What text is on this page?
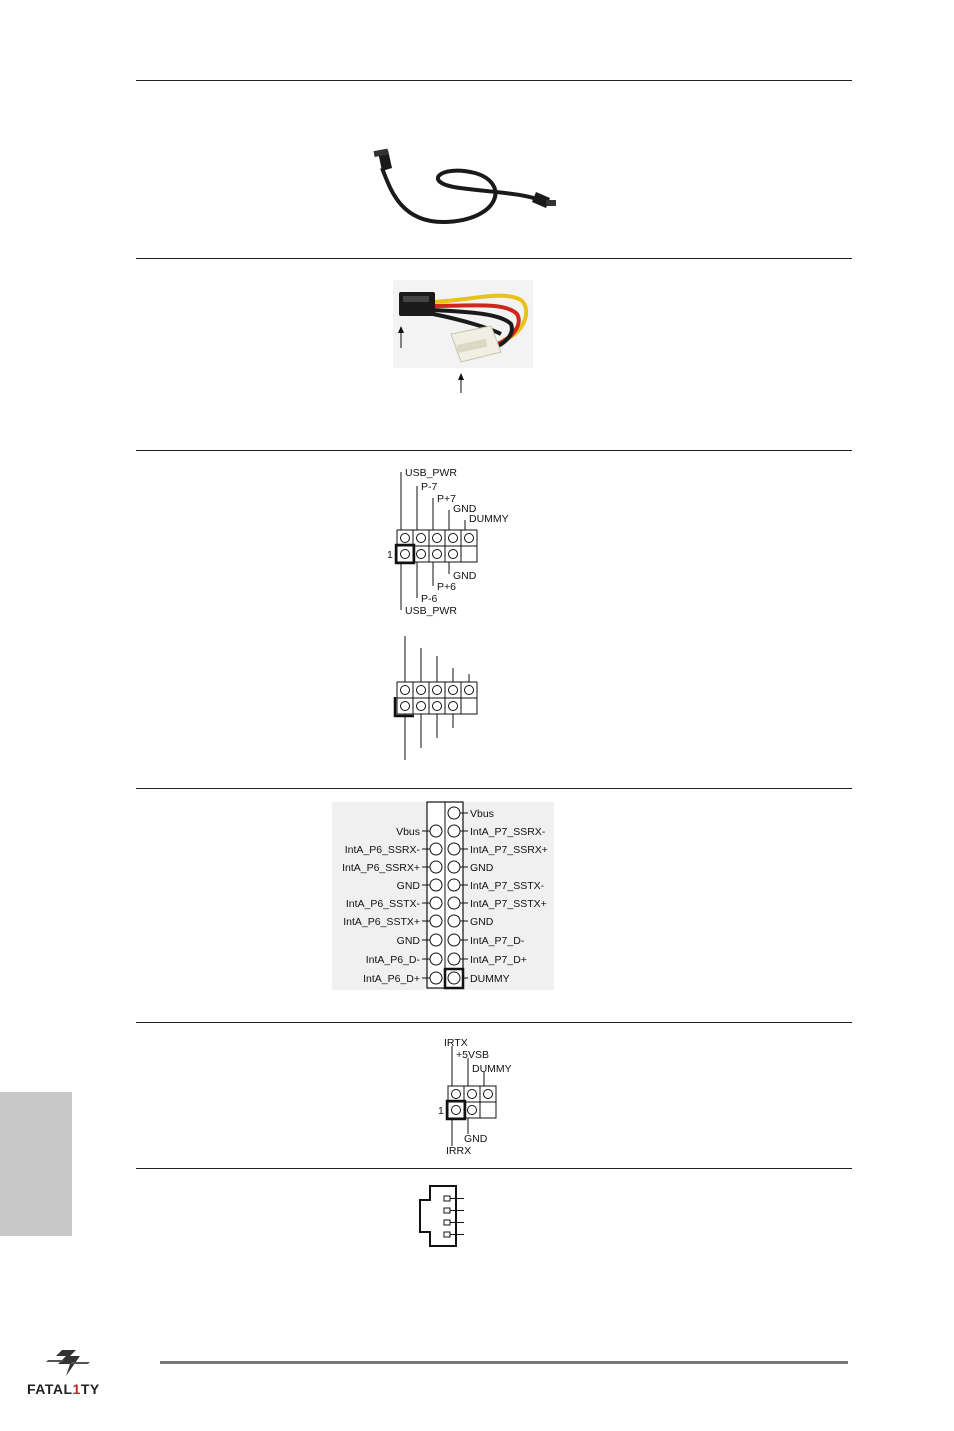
USB_PWR
P-7
P+7
GND
DUMMY
GND
P+6
P-6
USB_PWR
1
Vbus
IntA_P6_SSRX-
IntA_P6_SSRX+
GND
IntA_P6_SSTX-
IntA_P6_SSTX+
GND
IntA_P6_D-
IntA_P6_D+
Vbus
IntA_P7_SSRX-
IntA_P7_SSRX+
GND
IntA_P7_SSTX-
IntA_P7_SSTX+
GND
IntA_P7_D-
IntA_P7_D+
DUMMY
IRTX
+5VSB
DUMMY
GND
IRRX
1
FATAL1TY
